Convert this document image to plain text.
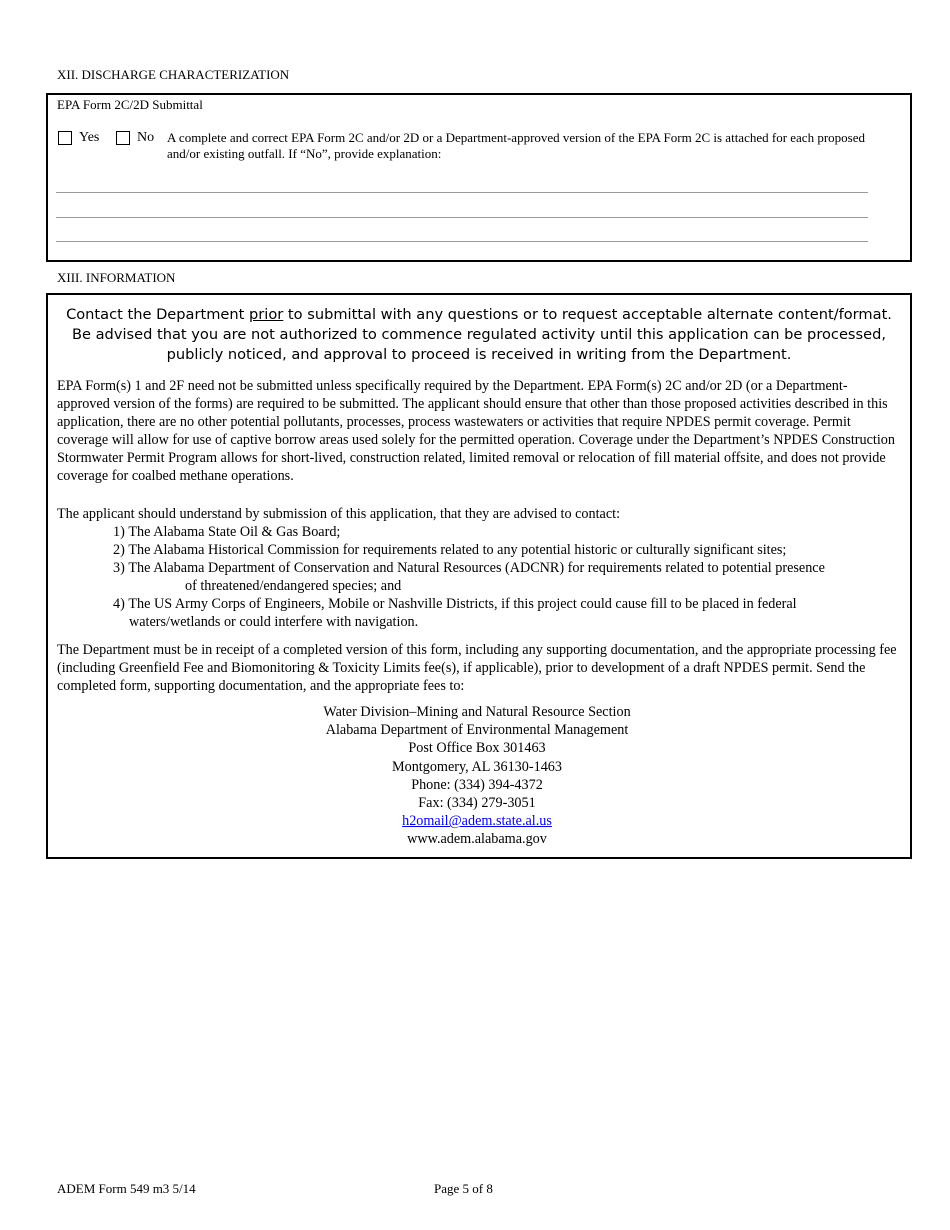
XII. DISCHARGE CHARACTERIZATION
EPA Form 2C/2D Submittal
Yes	No A complete and correct EPA Form 2C and/or 2D or a Department-approved version of the EPA Form 2C is attached for each proposed and/or existing outfall. If “No”, provide explanation:
XIII. INFORMATION
Contact the Department prior to submittal with any questions or to request acceptable alternate content/format.
Be advised that you are not authorized to commence regulated activity until this application can be processed,
publicly noticed, and approval to proceed is received in writing from the Department.
EPA Form(s) 1 and 2F need not be submitted unless specifically required by the Department. EPA Form(s) 2C and/or 2D (or a Department-approved version of the forms) are required to be submitted. The applicant should ensure that other than those proposed activities described in this application, there are no other potential pollutants, processes, process wastewaters or activities that require NPDES permit coverage. Permit coverage will allow for use of captive borrow areas used solely for the permitted operation. Coverage under the Department’s NPDES Construction Stormwater Permit Program allows for short-lived, construction related, limited removal or relocation of fill material offsite, and does not provide coverage for coalbed methane operations.
The applicant should understand by submission of this application, that they are advised to contact:
1) The Alabama State Oil & Gas Board;
2) The Alabama Historical Commission for requirements related to any potential historic or culturally significant sites;
3) The Alabama Department of Conservation and Natural Resources (ADCNR) for requirements related to potential presence
of threatened/endangered species; and
4) The US Army Corps of Engineers, Mobile or Nashville Districts, if this project could cause fill to be placed in federal
waters/wetlands or could interfere with navigation.
The Department must be in receipt of a completed version of this form, including any supporting documentation, and the appropriate processing fee (including Greenfield Fee and Biomonitoring & Toxicity Limits fee(s), if applicable), prior to development of a draft NPDES permit. Send the completed form, supporting documentation, and the appropriate fees to:
Water Division–Mining and Natural Resource Section
Alabama Department of Environmental Management
Post Office Box 301463
Montgomery, AL 36130-1463
Phone: (334) 394-4372
Fax: (334) 279-3051
h2omail@adem.state.al.us
www.adem.alabama.gov
ADEM Form 549 m3 5/14	Page 5 of 8
